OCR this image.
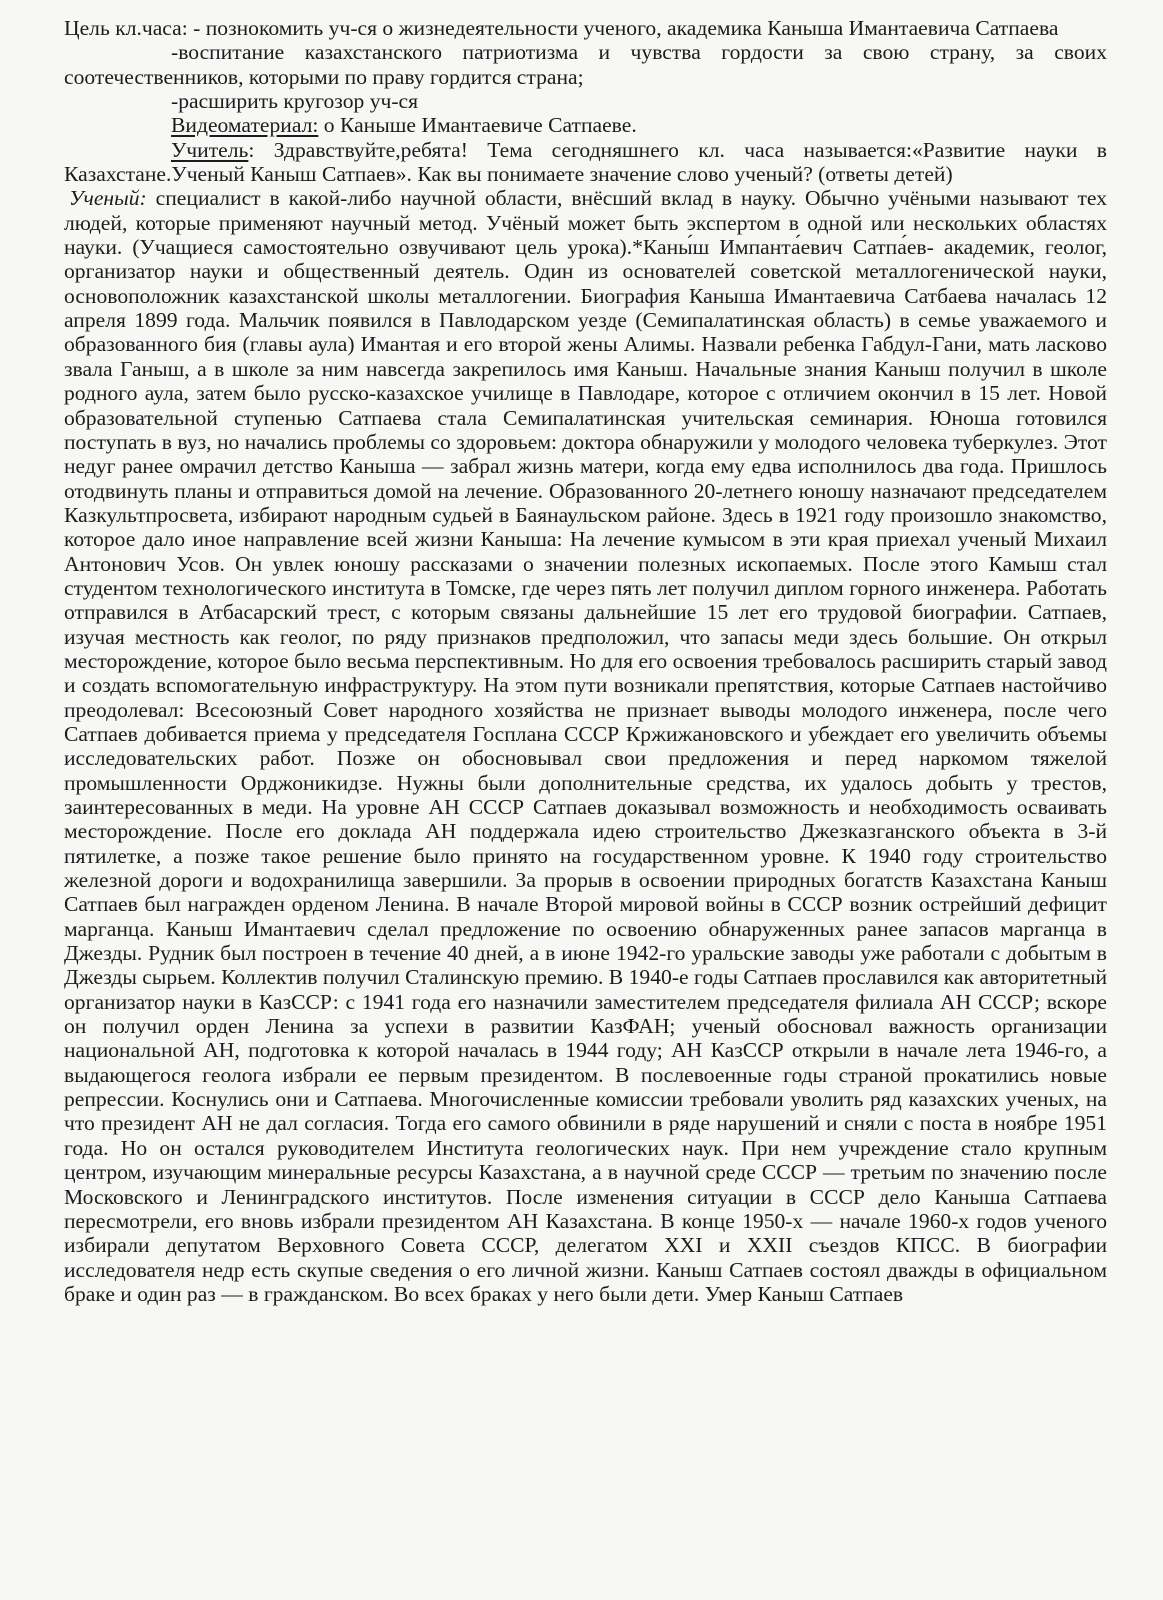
Цель кл.часа: - познокомить уч-ся о жизнедеятельности ученого, академика Каныша Имантаевича Сатпаева

-воспитание казахстанского патриотизма и чувства гордости за свою страну, за своих соотечественников, которыми по праву гордится страна;

-расширить кругозор уч-ся

Видеоматериал: о Каныше Имантаевиче Сатпаеве.

Учитель: Здравствуйте,ребята! Тема сегодняшнего кл. часа называется:«Развитие науки в Казахстане.Ученый Каныш Сатпаев». Как вы понимаете значение слово ученый? (ответы детей)

Ученый: специалист в какой-либо научной области, внёсший вклад в науку. Обычно учёными называют тех людей, которые применяют научный метод. Учёный может быть экспертом в одной или нескольких областях науки. (Учащиеся самостоятельно озвучивают цель урока).*Каны́ш Импанта́евич Сатпа́ев- академик, геолог, организатор науки и общественный деятель. Один из основателей советской металлогенической науки, основоположник казахстанской школы металлогении. Биография Каныша Имантаевича Сатбаева началась 12 апреля 1899 года. Мальчик появился в Павлодарском уезде (Семипалатинская область) в семье уважаемого и образованного бия (главы аула) Имантая и его второй жены Алимы. Назвали ребенка Габдул-Гани, мать ласково звала Ганыш, а в школе за ним навсегда закрепилось имя Каныш. Начальные знания Каныш получил в школе родного аула, затем было русско-казахское училище в Павлодаре, которое с отличием окончил в 15 лет. Новой образовательной ступенью Сатпаева стала Семипалатинская учительская семинария. Юноша готовился поступать в вуз, но начались проблемы со здоровьем: доктора обнаружили у молодого человека туберкулез. Этот недуг ранее омрачил детство Каныша — забрал жизнь матери, когда ему едва исполнилось два года. Пришлось отодвинуть планы и отправиться домой на лечение. Образованного 20-летнего юношу назначают председателем Казкультпросвета, избирают народным судьей в Баянаульском районе. Здесь в 1921 году произошло знакомство, которое дало иное направление всей жизни Каныша: На лечение кумысом в эти края приехал ученый Михаил Антонович Усов. Он увлек юношу рассказами о значении полезных ископаемых. После этого Камыш стал студентом технологического института в Томске, где через пять лет получил диплом горного инженера. Работать отправился в Атбасарский трест, с которым связаны дальнейшие 15 лет его трудовой биографии. Сатпаев, изучая местность как геолог, по ряду признаков предположил, что запасы меди здесь большие. Он открыл месторождение, которое было весьма перспективным. Но для его освоения требовалось расширить старый завод и создать вспомогательную инфраструктуру. На этом пути возникали препятствия, которые Сатпаев настойчиво преодолевал: Всесоюзный Совет народного хозяйства не признает выводы молодого инженера, после чего Сатпаев добивается приема у председателя Госплана СССР Кржижановского и убеждает его увеличить объемы исследовательских работ. Позже он обосновывал свои предложения и перед наркомом тяжелой промышленности Орджоникидзе. Нужны были дополнительные средства, их удалось добыть у трестов, заинтересованных в меди. На уровне АН СССР Сатпаев доказывал возможность и необходимость осваивать месторождение. После его доклада АН поддержала идею строительство Джезказганского объекта в 3-й пятилетке, а позже такое решение было принято на государственном уровне. К 1940 году строительство железной дороги и водохранилища завершили. За прорыв в освоении природных богатств Казахстана Каныш Сатпаев был награжден орденом Ленина. В начале Второй мировой войны в СССР возник острейший дефицит марганца. Каныш Имантаевич сделал предложение по освоению обнаруженных ранее запасов марганца в Джезды. Рудник был построен в течение 40 дней, а в июне 1942-го уральские заводы уже работали с добытым в Джезды сырьем. Коллектив получил Сталинскую премию. В 1940-е годы Сатпаев прославился как авторитетный организатор науки в КазССР: с 1941 года его назначили заместителем председателя филиала АН СССР; вскоре он получил орден Ленина за успехи в развитии КазФАН; ученый обосновал важность организации национальной АН, подготовка к которой началась в 1944 году; АН КазССР открыли в начале лета 1946-го, а выдающегося геолога избрали ее первым президентом. В послевоенные годы страной прокатились новые репрессии. Коснулись они и Сатпаева. Многочисленные комиссии требовали уволить ряд казахских ученых, на что президент АН не дал согласия. Тогда его самого обвинили в ряде нарушений и сняли с поста в ноябре 1951 года. Но он остался руководителем Института геологических наук. При нем учреждение стало крупным центром, изучающим минеральные ресурсы Казахстана, а в научной среде СССР — третьим по значению после Московского и Ленинградского институтов. После изменения ситуации в СССР дело Каныша Сатпаева пересмотрели, его вновь избрали президентом АН Казахстана. В конце 1950-х — начале 1960-х годов ученого избирали депутатом Верховного Совета СССР, делегатом XXI и XXII съездов КПСС. В биографии исследователя недр есть скупые сведения о его личной жизни. Каныш Сатпаев состоял дважды в официальном браке и один раз — в гражданском. Во всех браках у него были дети. Умер Каныш Сатпаев
